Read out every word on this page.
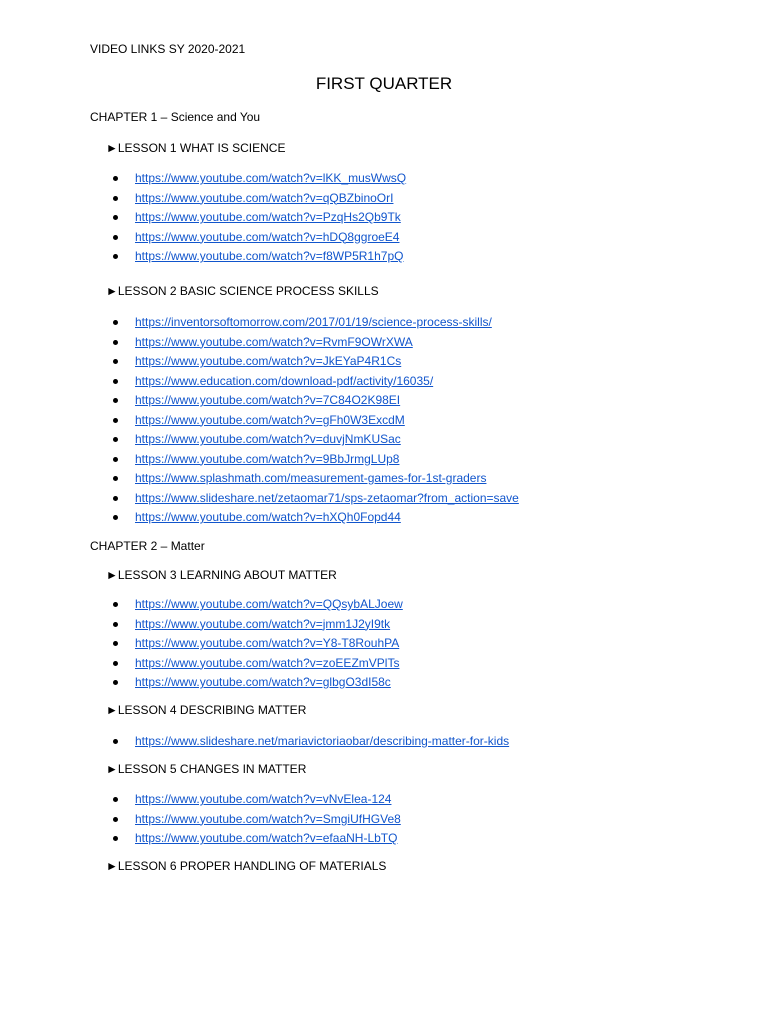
VIDEO LINKS SY 2020-2021
FIRST QUARTER
CHAPTER 1 – Science and You
►LESSON 1 WHAT IS SCIENCE
https://www.youtube.com/watch?v=lKK_musWwsQ
https://www.youtube.com/watch?v=qQBZbinoOrI
https://www.youtube.com/watch?v=PzqHs2Qb9Tk
https://www.youtube.com/watch?v=hDQ8ggroeE4
https://www.youtube.com/watch?v=f8WP5R1h7pQ
►LESSON 2 BASIC SCIENCE PROCESS SKILLS
https://inventorsoftomorrow.com/2017/01/19/science-process-skills/
https://www.youtube.com/watch?v=RvmF9OWrXWA
https://www.youtube.com/watch?v=JkEYaP4R1Cs
https://www.education.com/download-pdf/activity/16035/
https://www.youtube.com/watch?v=7C84O2K98EI
https://www.youtube.com/watch?v=gFh0W3ExcdM
https://www.youtube.com/watch?v=duvjNmKUSac
https://www.youtube.com/watch?v=9BbJrmgLUp8
https://www.splashmath.com/measurement-games-for-1st-graders
https://www.slideshare.net/zetaomar71/sps-zetaomar?from_action=save
https://www.youtube.com/watch?v=hXQh0Fopd44
CHAPTER 2 – Matter
►LESSON 3 LEARNING ABOUT MATTER
https://www.youtube.com/watch?v=QQsybALJoew
https://www.youtube.com/watch?v=jmm1J2yI9tk
https://www.youtube.com/watch?v=Y8-T8RouhPA
https://www.youtube.com/watch?v=zoEEZmVPlTs
https://www.youtube.com/watch?v=glbgO3dI58c
►LESSON 4 DESCRIBING MATTER
https://www.slideshare.net/mariavictoriaobar/describing-matter-for-kids
►LESSON 5 CHANGES IN MATTER
https://www.youtube.com/watch?v=vNvElea-124
https://www.youtube.com/watch?v=SmgiUfHGVe8
https://www.youtube.com/watch?v=efaaNH-LbTQ
►LESSON 6 PROPER HANDLING OF MATERIALS
